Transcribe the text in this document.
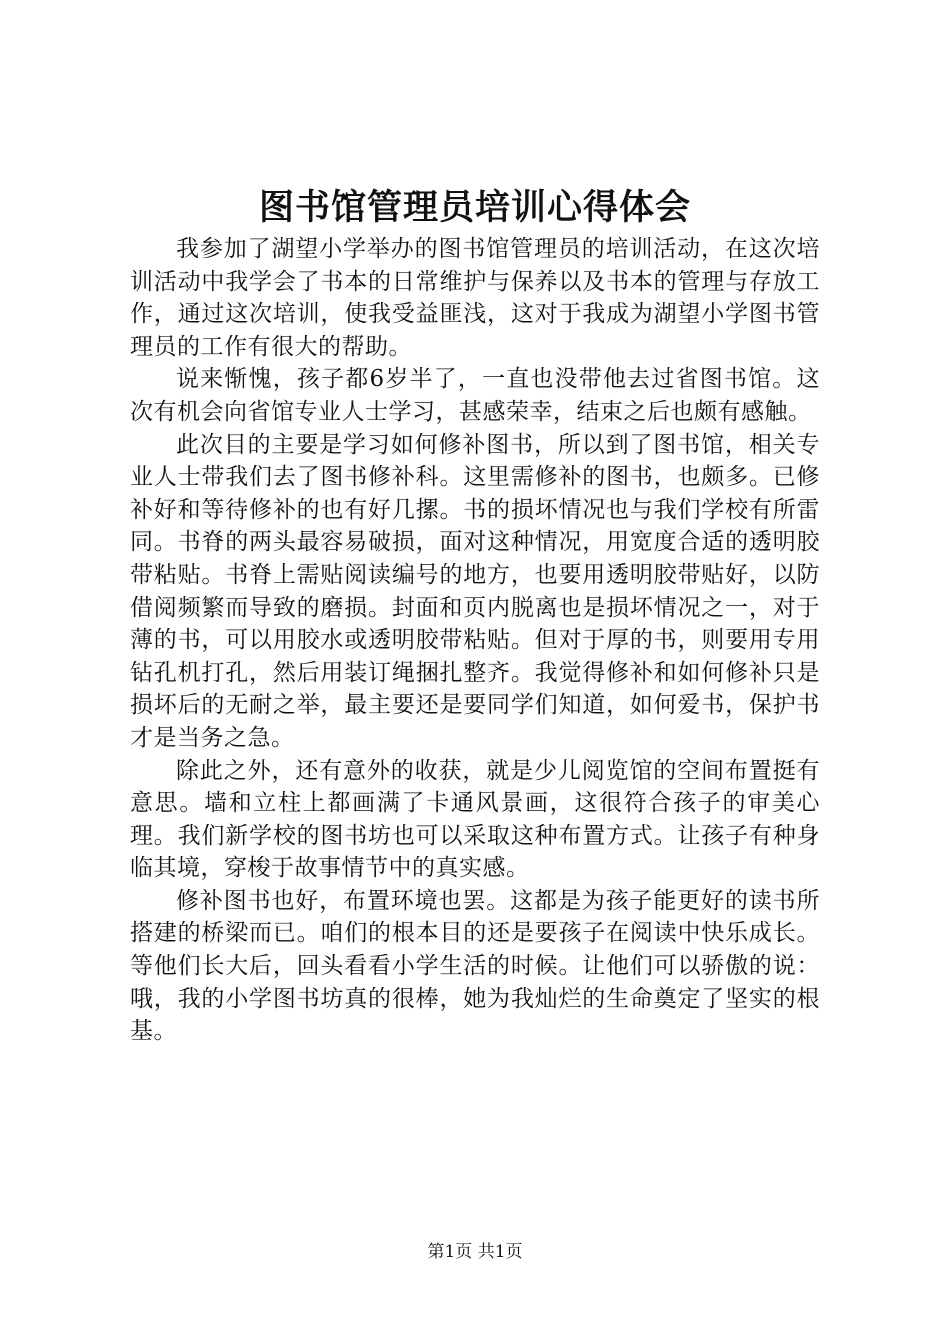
图书馆管理员培训心得体会

我参加了湖望小学举办的图书馆管理员的培训活动，在这次培训活动中我学会了书本的日常维护与保养以及书本的管理与存放工作，通过这次培训，使我受益匪浅，这对于我成为湖望小学图书管理员的工作有很大的帮助。

说来惭愧，孩子都6岁半了，一直也没带他去过省图书馆。这次有机会向省馆专业人士学习，甚感荣幸，结束之后也颇有感触。

此次目的主要是学习如何修补图书，所以到了图书馆，相关专业人士带我们去了图书修补科。这里需修补的图书，也颇多。已修补好和等待修补的也有好几摞。书的损坏情况也与我们学校有所雷同。书脊的两头最容易破损，面对这种情况，用宽度合适的透明胶带粘贴。书脊上需贴阅读编号的地方，也要用透明胶带贴好，以防借阅频繁而导致的磨损。封面和页内脱离也是损坏情况之一，对于薄的书，可以用胶水或透明胶带粘贴。但对于厚的书，则要用专用钻孔机打孔，然后用装订绳捆扎整齐。我觉得修补和如何修补只是损坏后的无耐之举，最主要还是要同学们知道，如何爱书，保护书才是当务之急。

除此之外，还有意外的收获，就是少儿阅览馆的空间布置挺有意思。墙和立柱上都画满了卡通风景画，这很符合孩子的审美心理。我们新学校的图书坊也可以采取这种布置方式。让孩子有种身临其境，穿梭于故事情节中的真实感。

修补图书也好，布置环境也罢。这都是为孩子能更好的读书所搭建的桥梁而已。咱们的根本目的还是要孩子在阅读中快乐成长。等他们长大后，回头看看小学生活的时候。让他们可以骄傲的说：哦，我的小学图书坊真的很棒，她为我灿烂的生命奠定了坚实的根基。

第1页 共1页
